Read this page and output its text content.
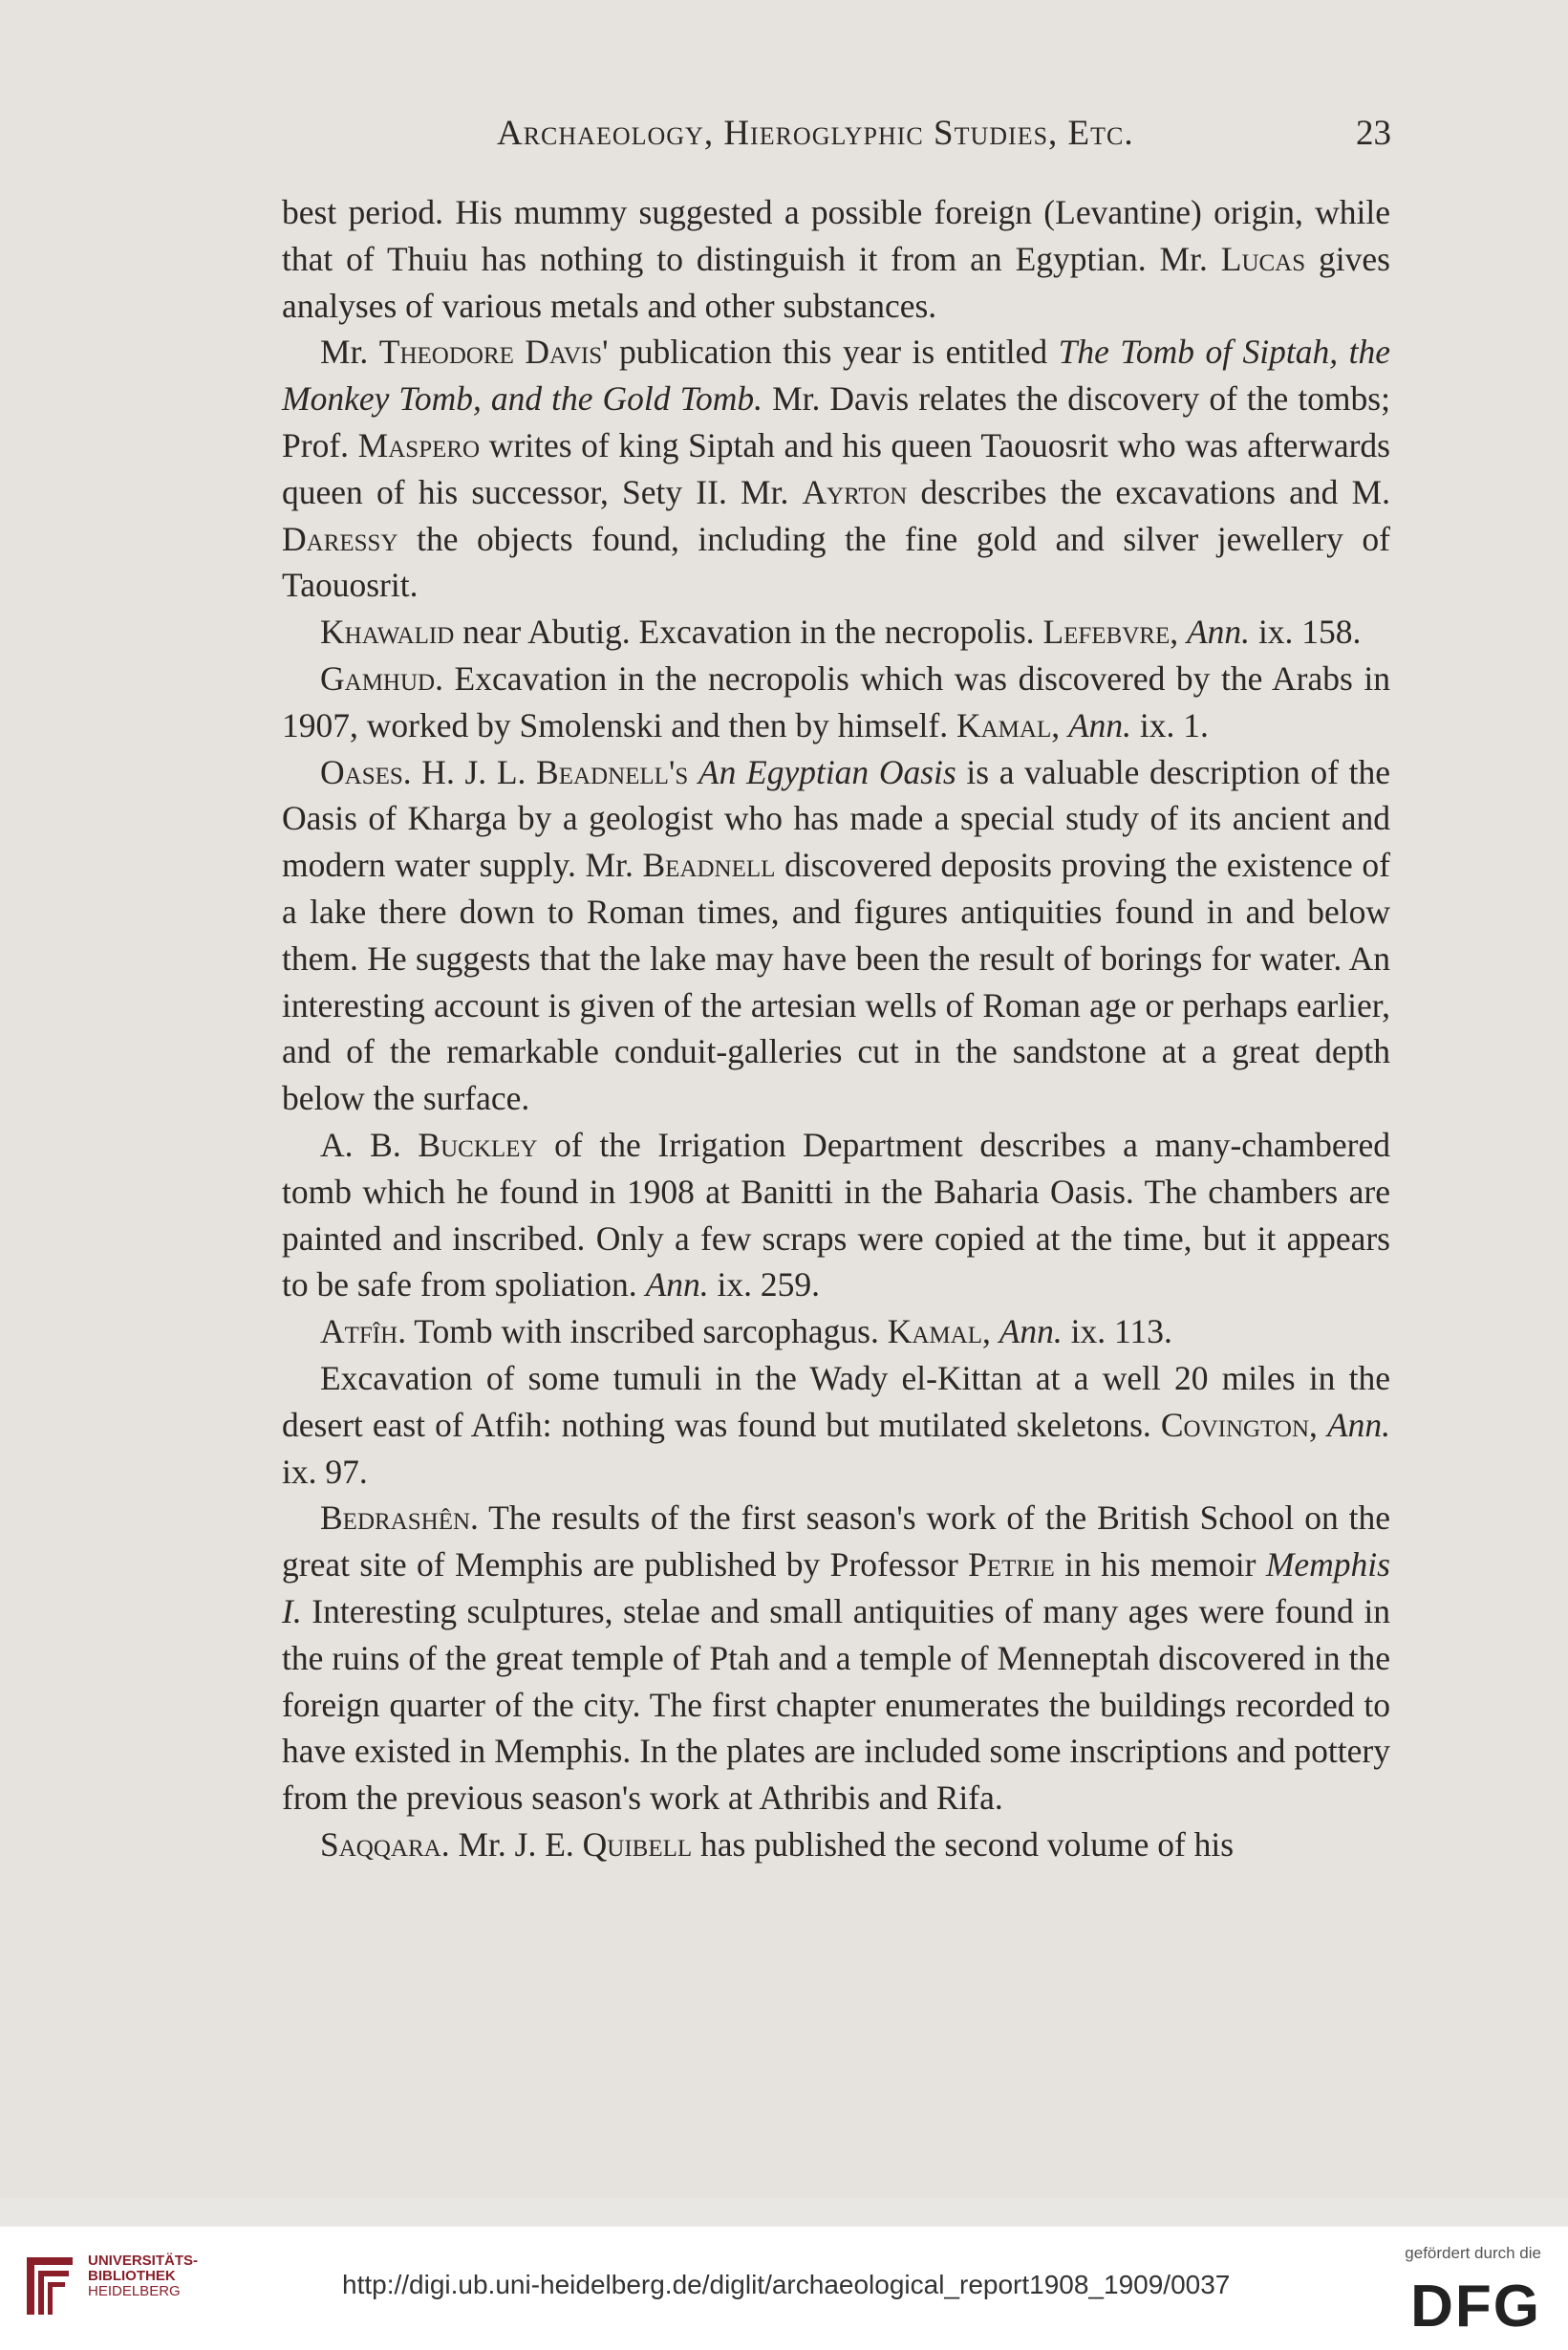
Archaeology, Hieroglyphic Studies, Etc.	23

best period. His mummy suggested a possible foreign (Levantine) origin, while that of Thuiu has nothing to distinguish it from an Egyptian. Mr. Lucas gives analyses of various metals and other substances.

Mr. Theodore Davis' publication this year is entitled The Tomb of Siptah, the Monkey Tomb, and the Gold Tomb. Mr. Davis relates the discovery of the tombs; Prof. Maspero writes of king Siptah and his queen Taouosrit who was afterwards queen of his successor, Sety II. Mr. Ayrton describes the excavations and M. Daressy the objects found, including the fine gold and silver jewellery of Taouosrit.

Khawalid near Abutig. Excavation in the necropolis. Lefebvre, Ann. ix. 158.

Gamhud. Excavation in the necropolis which was discovered by the Arabs in 1907, worked by Smolenski and then by himself. Kamal, Ann. ix. 1.

Oases. H. J. L. Beadnell's An Egyptian Oasis is a valuable description of the Oasis of Kharga by a geologist who has made a special study of its ancient and modern water supply. Mr. Beadnell discovered deposits proving the existence of a lake there down to Roman times, and figures antiquities found in and below them. He suggests that the lake may have been the result of borings for water. An interesting account is given of the artesian wells of Roman age or perhaps earlier, and of the remarkable conduit-galleries cut in the sandstone at a great depth below the surface.

A. B. Buckley of the Irrigation Department describes a many-chambered tomb which he found in 1908 at Banitti in the Baharia Oasis. The chambers are painted and inscribed. Only a few scraps were copied at the time, but it appears to be safe from spoliation. Ann. ix. 259.

Atfîh. Tomb with inscribed sarcophagus. Kamal, Ann. ix. 113.

Excavation of some tumuli in the Wady el-Kittan at a well 20 miles in the desert east of Atfih: nothing was found but mutilated skeletons. Covington, Ann. ix. 97.

Bedrashên. The results of the first season's work of the British School on the great site of Memphis are published by Professor Petrie in his memoir Memphis I. Interesting sculptures, stelae and small antiquities of many ages were found in the ruins of the great temple of Ptah and a temple of Menneptah discovered in the foreign quarter of the city. The first chapter enumerates the buildings recorded to have existed in Memphis. In the plates are included some inscriptions and pottery from the previous season's work at Athribis and Rifa.

Saqqara. Mr. J. E. Quibell has published the second volume of his

UNIVERSITÄTS-
BIBLIOTHEK
HEIDELBERG	http://digi.ub.uni-heidelberg.de/diglit/archaeological_report1908_1909/0037
gefördert durch die
DFG
